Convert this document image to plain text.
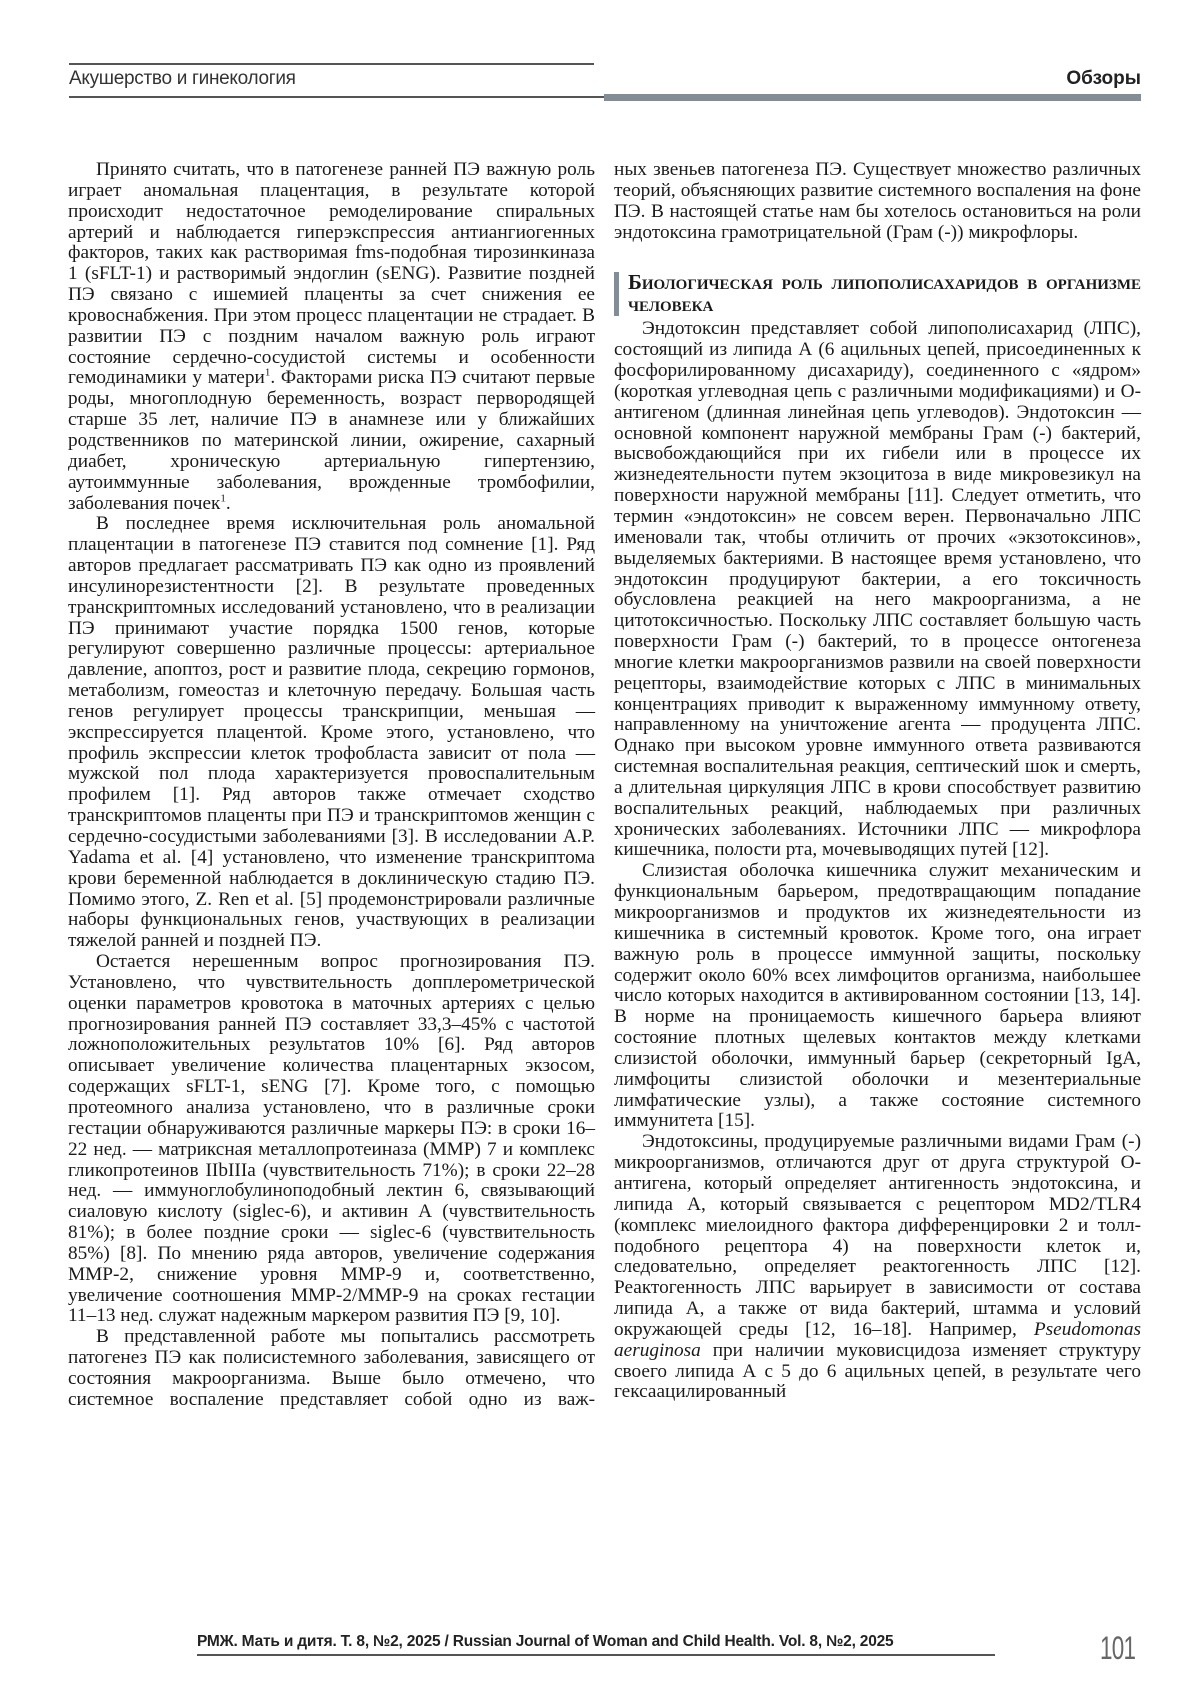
Акушерство и гинекология	Обзоры

Принято считать, что в патогенезе ранней ПЭ важную роль играет аномальная плацентация, в результате которой происходит недостаточное ремоделирование спиральных артерий и наблюдается гиперэкспрессия антиангиогенных факторов, таких как растворимая fms-подобная тирозинкиназа 1 (sFLT-1) и растворимый эндоглин (sENG). Развитие поздней ПЭ связано с ишемией плаценты за счет снижения ее кровоснабжения. При этом процесс плацентации не страдает. В развитии ПЭ с поздним началом важную роль играют состояние сердечно-сосудистой системы и особенности гемодинамики у матери1. Факторами риска ПЭ считают первые роды, многоплодную беременность, возраст первородящей старше 35 лет, наличие ПЭ в анамнезе или у ближайших родственников по материнской линии, ожирение, сахарный диабет, хроническую артериальную гипертензию, аутоиммунные заболевания, врожденные тромбофилии, заболевания почек1.

В последнее время исключительная роль аномальной плацентации в патогенезе ПЭ ставится под сомнение [1]. Ряд авторов предлагает рассматривать ПЭ как одно из проявлений инсулинорезистентности [2]. В результате проведенных транскриптомных исследований установлено, что в реализации ПЭ принимают участие порядка 1500 генов, которые регулируют совершенно различные процессы: артериальное давление, апоптоз, рост и развитие плода, секрецию гормонов, метаболизм, гомеостаз и клеточную передачу. Большая часть генов регулирует процессы транскрипции, меньшая — экспрессируется плацентой. Кроме этого, установлено, что профиль экспрессии клеток трофобласта зависит от пола — мужской пол плода характеризуется провоспалительным профилем [1]. Ряд авторов также отмечает сходство транскриптомов плаценты при ПЭ и транскриптомов женщин с сердечно-сосудистыми заболеваниями [3]. В исследовании A.P. Yadama et al. [4] установлено, что изменение транскриптома крови беременной наблюдается в доклиническую стадию ПЭ. Помимо этого, Z. Ren et al. [5] продемонстрировали различные наборы функциональных генов, участвующих в реализации тяжелой ранней и поздней ПЭ.

Остается нерешенным вопрос прогнозирования ПЭ. Установлено, что чувствительность допплерометрической оценки параметров кровотока в маточных артериях с целью прогнозирования ранней ПЭ составляет 33,3–45% с частотой ложноположительных результатов 10% [6]. Ряд авторов описывает увеличение количества плацентарных экзосом, содержащих sFLT-1, sENG [7]. Кроме того, с помощью протеомного анализа установлено, что в различные сроки гестации обнаруживаются различные маркеры ПЭ: в сроки 16–22 нед. — матриксная металлопротеиназа (ММР) 7 и комплекс гликопротеинов IIbIIIa (чувствительность 71%); в сроки 22–28 нед. — иммуноглобулиноподобный лектин 6, связывающий сиаловую кислоту (siglec-6), и активин А (чувствительность 81%); в более поздние сроки — siglec-6 (чувствительность 85%) [8]. По мнению ряда авторов, увеличение содержания MMP-2, снижение уровня MMP-9 и, соответственно, увеличение соотношения MMP-2/MMP-9 на сроках гестации 11–13 нед. служат надежным маркером развития ПЭ [9, 10].

В представленной работе мы попытались рассмотреть патогенез ПЭ как полисистемного заболевания, зависящего от состояния макроорганизма. Выше было отмечено, что системное воспаление представляет собой одно из важ-

ных звеньев патогенеза ПЭ. Существует множество различных теорий, объясняющих развитие системного воспаления на фоне ПЭ. В настоящей статье нам бы хотелось остановиться на роли эндотоксина грамотрицательной (Грам (-)) микрофлоры.

Биологическая роль липополисахаридов в организме человека

Эндотоксин представляет собой липополисахарид (ЛПС), состоящий из липида А (6 ацильных цепей, присоединенных к фосфорилированному дисахариду), соединенного с «ядром» (короткая углеводная цепь с различными модификациями) и О-антигеном (длинная линейная цепь углеводов). Эндотоксин — основной компонент наружной мембраны Грам (-) бактерий, высвобождающийся при их гибели или в процессе их жизнедеятельности путем экзоцитоза в виде микровезикул на поверхности наружной мембраны [11]. Следует отметить, что термин «эндотоксин» не совсем верен. Первоначально ЛПС именовали так, чтобы отличить от прочих «экзотоксинов», выделяемых бактериями. В настоящее время установлено, что эндотоксин продуцируют бактерии, а его токсичность обусловлена реакцией на него макроорганизма, а не цитотоксичностью. Поскольку ЛПС составляет большую часть поверхности Грам (-) бактерий, то в процессе онтогенеза многие клетки макроорганизмов развили на своей поверхности рецепторы, взаимодействие которых с ЛПС в минимальных концентрациях приводит к выраженному иммунному ответу, направленному на уничтожение агента — продуцента ЛПС. Однако при высоком уровне иммунного ответа развиваются системная воспалительная реакция, септический шок и смерть, а длительная циркуляция ЛПС в крови способствует развитию воспалительных реакций, наблюдаемых при различных хронических заболеваниях. Источники ЛПС — микрофлора кишечника, полости рта, мочевыводящих путей [12].

Слизистая оболочка кишечника служит механическим и функциональным барьером, предотвращающим попадание микроорганизмов и продуктов их жизнедеятельности из кишечника в системный кровоток. Кроме того, она играет важную роль в процессе иммунной защиты, поскольку содержит около 60% всех лимфоцитов организма, наибольшее число которых находится в активированном состоянии [13, 14]. В норме на проницаемость кишечного барьера влияют состояние плотных щелевых контактов между клетками слизистой оболочки, иммунный барьер (секреторный IgA, лимфоциты слизистой оболочки и мезентериальные лимфатические узлы), а также состояние системного иммунитета [15].

Эндотоксины, продуцируемые различными видами Грам (-) микроорганизмов, отличаются друг от друга структурой О-антигена, который определяет антигенность эндотоксина, и липида А, который связывается с рецептором MD2/TLR4 (комплекс миелоидного фактора дифференцировки 2 и толл-подобного рецептора 4) на поверхности клеток и, следовательно, определяет реактогенность ЛПС [12]. Реактогенность ЛПС варьирует в зависимости от состава липида А, а также от вида бактерий, штамма и условий окружающей среды [12, 16–18]. Например, Pseudomonas aeruginosa при наличии муковисцидоза изменяет структуру своего липида А с 5 до 6 ацильных цепей, в результате чего гексаацилированный

РМЖ. Мать и дитя. Т. 8, №2, 2025 / Russian Journal of Woman and Child Health. Vol. 8, №2, 2025	101
